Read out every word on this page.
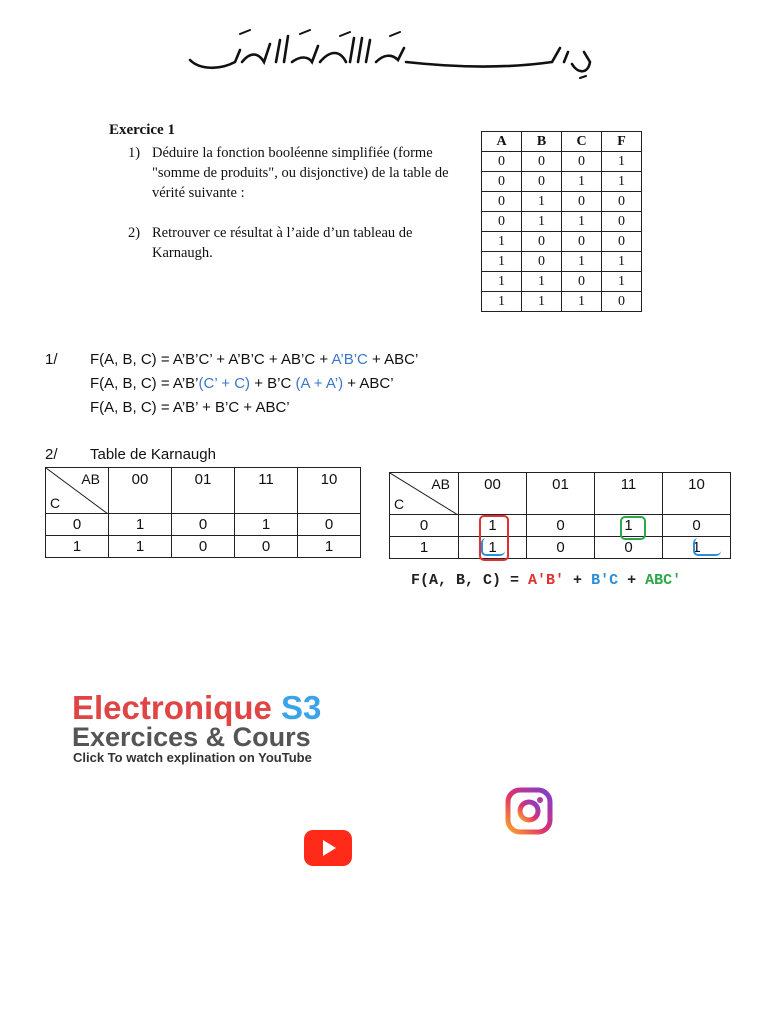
Exercice 1
1) Déduire la fonction booléenne simplifiée (forme "somme de produits", ou disjonctive) de la table de vérité suivante :
2) Retrouver ce résultat à l’aide d’un tableau de Karnaugh.
A	B	C	F
0	0	0	1
0	0	1	1
0	1	0	0
0	1	1	0
1	0	0	0
1	0	1	1
1	1	0	1
1	1	1	0
1/ F(A, B, C) = A’B’C’ + A’B’C + AB’C + A’B’C + ABC’
F(A, B, C) = A’B’(C’ + C) + B’C (A + A’) + ABC’
F(A, B, C) = A’B’ + B’C + ABC’
2/ Table de Karnaugh
AB
C	00	01	11	10
0	1	0	1	0
1	1	0	0	1
AB
C	00	01	11	10
0	1	0	1	0
1	1	0	0	1
F(A, B, C) = A'B' + B'C + ABC'
Electronique S3
Exercices & Cours
Click To watch explination on YouTube
